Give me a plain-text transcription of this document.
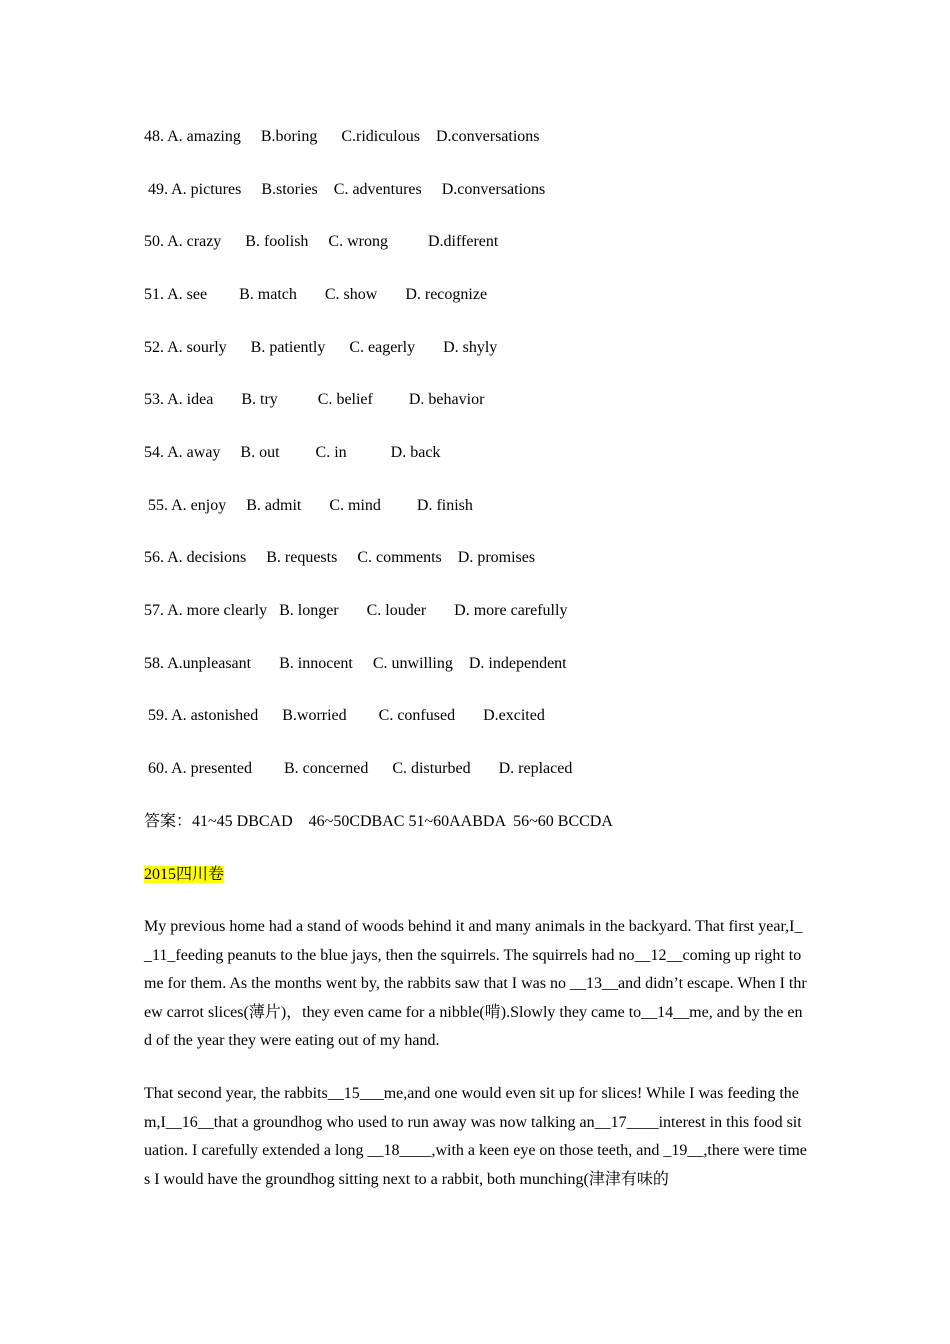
48. A. amazing     B.boring      C.ridiculous    D.conversations
49. A. pictures     B.stories    C. adventures     D.conversations
50. A. crazy      B. foolish     C. wrong          D.different
51. A. see        B. match       C. show       D. recognize
52. A. sourly      B. patiently      C. eagerly       D. shyly
53. A. idea       B. try          C. belief         D. behavior
54. A. away     B. out         C. in           D. back
55. A. enjoy     B. admit       C. mind         D. finish
56. A. decisions     B. requests     C. comments    D. promises
57. A. more clearly   B. longer       C. louder       D. more carefully
58. A.unpleasant       B. innocent     C. unwilling    D. independent
59. A. astonished      B.worried        C. confused       D.excited
60. A. presented        B. concerned      C. disturbed       D. replaced
答案：41~45 DBCAD    46~50CDBAC 51~60AABDA  56~60 BCCDA
2015四川卷
My previous home had a stand of woods behind it and many animals in the backyard. That first year,I__11_feeding peanuts to the blue jays, then the squirrels. The squirrels had no__12__coming up right to me for them. As the months went by, the rabbits saw that I was no __13__and didn’t escape. When I threw carrot slices(薄片)，they even came for a nibble(啃).Slowly they came to__14__me, and by the end of the year they were eating out of my hand.
That second year, the rabbits__15___me,and one would even sit up for slices! While I was feeding them,I__16__that a groundhog who used to run away was now talking an__17____interest in this food situation. I carefully extended a long __18____,with a keen eye on those teeth, and _19__,there were times I would have the groundhog sitting next to a rabbit, both munching(津津有味的
